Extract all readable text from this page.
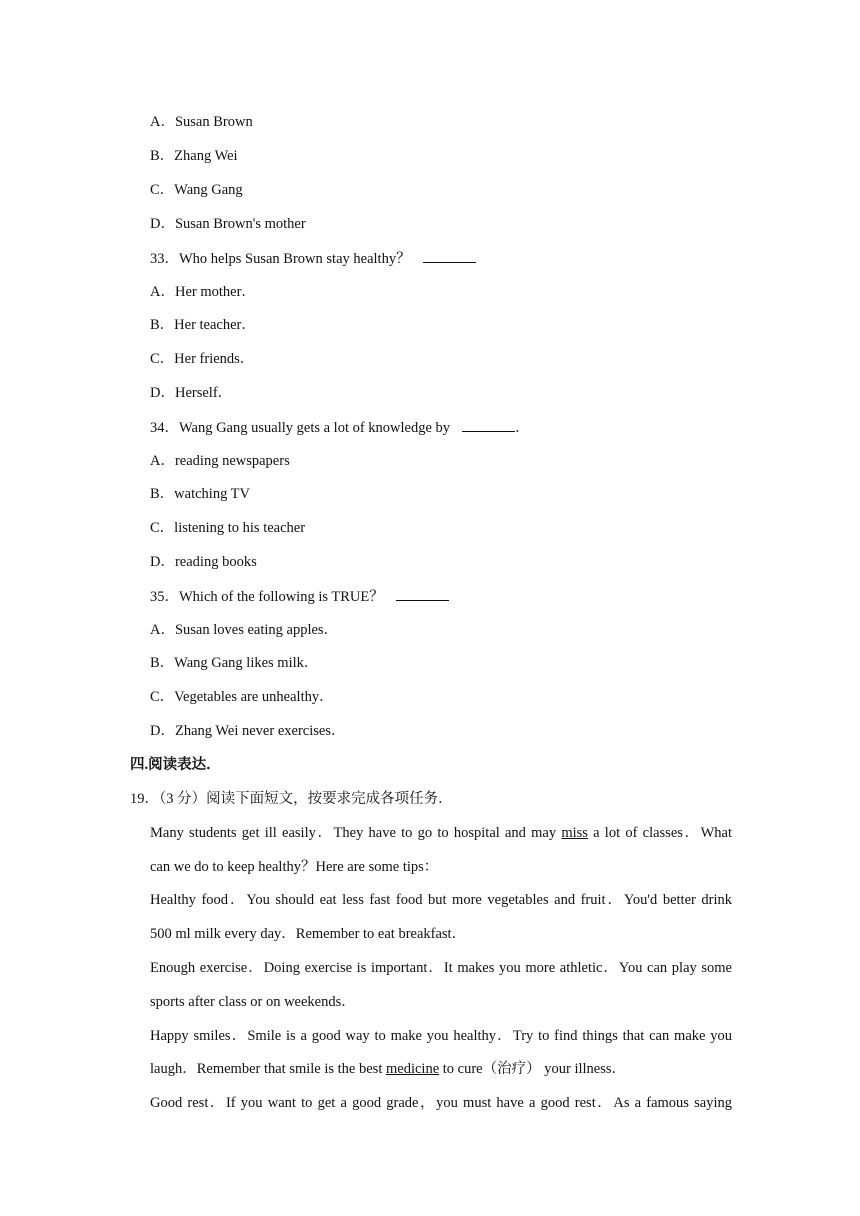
A．Susan Brown
B．Zhang Wei
C．Wang Gang
D．Susan Brown's mother
33．Who helps Susan Brown stay healthy？
A．Her mother．
B．Her teacher．
C．Her friends．
D．Herself．
34．Wang Gang usually gets a lot of knowledge by	．
A．reading newspapers
B．watching TV
C．listening to his teacher
D．reading books
35．Which of the following is TRUE？
A．Susan loves eating apples．
B．Wang Gang likes milk．
C．Vegetables are unhealthy．
D．Zhang Wei never exercises．
四.阅读表达．
19．（3 分）阅读下面短文，按要求完成各项任务．
Many students get ill easily．They have to go to hospital and may miss a lot of classes．What
can we do to keep healthy？Here are some tips：
Healthy food．You should eat less fast food but more vegetables and fruit．You'd better drink
500 ml milk every day．Remember to eat breakfast．
Enough exercise．Doing exercise is important．It makes you more athletic．You can play some
sports after class or on weekends．
Happy smiles．Smile is a good way to make you healthy．Try to find things that can make you
laugh．Remember that smile is the best medicine to cure（治疗） your illness．
Good rest．If you want to get a good grade，you must have a good rest．As a famous saying
